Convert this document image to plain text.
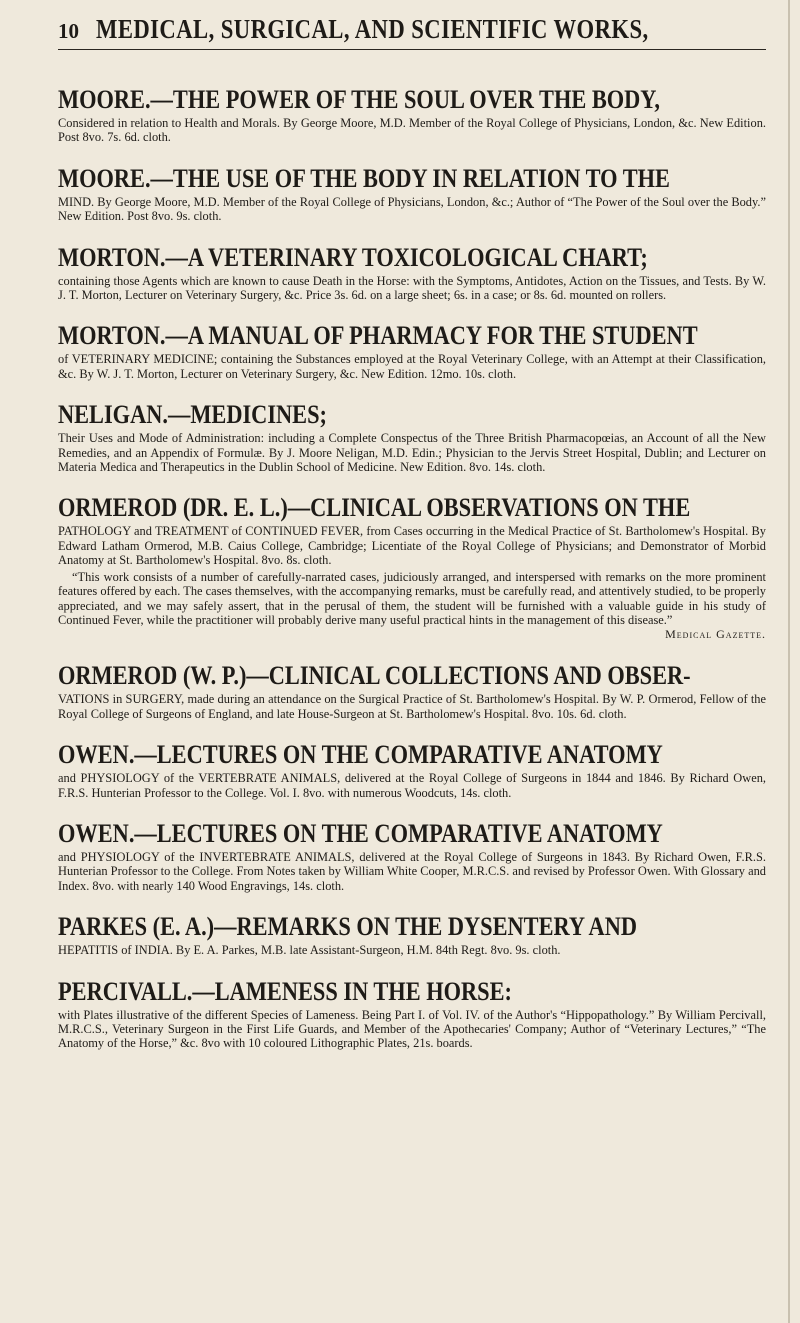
10 MEDICAL, SURGICAL, AND SCIENTIFIC WORKS,
MOORE.—THE POWER OF THE SOUL OVER THE BODY,
Considered in relation to Health and Morals. By George Moore, M.D. Member of the Royal College of Physicians, London, &c. New Edition. Post 8vo. 7s. 6d. cloth.
MOORE.—THE USE OF THE BODY IN RELATION TO THE
MIND. By George Moore, M.D. Member of the Royal College of Physicians, London, &c.; Author of “The Power of the Soul over the Body.” New Edition. Post 8vo. 9s. cloth.
MORTON.—A VETERINARY TOXICOLOGICAL CHART;
containing those Agents which are known to cause Death in the Horse: with the Symptoms, Antidotes, Action on the Tissues, and Tests. By W. J. T. Morton, Lecturer on Veterinary Surgery, &c. Price 3s. 6d. on a large sheet; 6s. in a case; or 8s. 6d. mounted on rollers.
MORTON.—A MANUAL OF PHARMACY FOR THE STUDENT
of VETERINARY MEDICINE; containing the Substances employed at the Royal Veterinary College, with an Attempt at their Classification, &c. By W. J. T. Morton, Lecturer on Veterinary Surgery, &c. New Edition. 12mo. 10s. cloth.
NELIGAN.—MEDICINES;
Their Uses and Mode of Administration: including a Complete Conspectus of the Three British Pharmacopœias, an Account of all the New Remedies, and an Appendix of Formulæ. By J. Moore Neligan, M.D. Edin.; Physician to the Jervis Street Hospital, Dublin; and Lecturer on Materia Medica and Therapeutics in the Dublin School of Medicine. New Edition. 8vo. 14s. cloth.
ORMEROD (DR. E. L.)—CLINICAL OBSERVATIONS ON THE
PATHOLOGY and TREATMENT of CONTINUED FEVER, from Cases occurring in the Medical Practice of St. Bartholomew's Hospital. By Edward Latham Ormerod, M.B. Caius College, Cambridge; Licentiate of the Royal College of Physicians; and Demonstrator of Morbid Anatomy at St. Bartholomew's Hospital. 8vo. 8s. cloth.
“This work consists of a number of carefully-narrated cases, judiciously arranged, and interspersed with remarks on the more prominent features offered by each. The cases themselves, with the accompanying remarks, must be carefully read, and attentively studied, to be properly appreciated, and we may safely assert, that in the perusal of them, the student will be furnished with a valuable guide in his study of Continued Fever, while the practitioner will probably derive many useful practical hints in the management of this disease.”
Medical Gazette.
ORMEROD (W. P.)—CLINICAL COLLECTIONS AND OBSER-
VATIONS in SURGERY, made during an attendance on the Surgical Practice of St. Bartholomew's Hospital. By W. P. Ormerod, Fellow of the Royal College of Surgeons of England, and late House-Surgeon at St. Bartholomew's Hospital. 8vo. 10s. 6d. cloth.
OWEN.—LECTURES ON THE COMPARATIVE ANATOMY
and PHYSIOLOGY of the VERTEBRATE ANIMALS, delivered at the Royal College of Surgeons in 1844 and 1846. By Richard Owen, F.R.S. Hunterian Professor to the College. Vol. I. 8vo. with numerous Woodcuts, 14s. cloth.
OWEN.—LECTURES ON THE COMPARATIVE ANATOMY
and PHYSIOLOGY of the INVERTEBRATE ANIMALS, delivered at the Royal College of Surgeons in 1843. By Richard Owen, F.R.S. Hunterian Professor to the College. From Notes taken by William White Cooper, M.R.C.S. and revised by Professor Owen. With Glossary and Index. 8vo. with nearly 140 Wood Engravings, 14s. cloth.
PARKES (E. A.)—REMARKS ON THE DYSENTERY AND
HEPATITIS of INDIA. By E. A. Parkes, M.B. late Assistant-Surgeon, H.M. 84th Regt. 8vo. 9s. cloth.
PERCIVALL.—LAMENESS IN THE HORSE:
with Plates illustrative of the different Species of Lameness. Being Part I. of Vol. IV. of the Author's “Hippopathology.” By William Percivall, M.R.C.S., Veterinary Surgeon in the First Life Guards, and Member of the Apothecaries' Company; Author of “Veterinary Lectures,” “The Anatomy of the Horse,” &c. 8vo with 10 coloured Lithographic Plates, 21s. boards.
